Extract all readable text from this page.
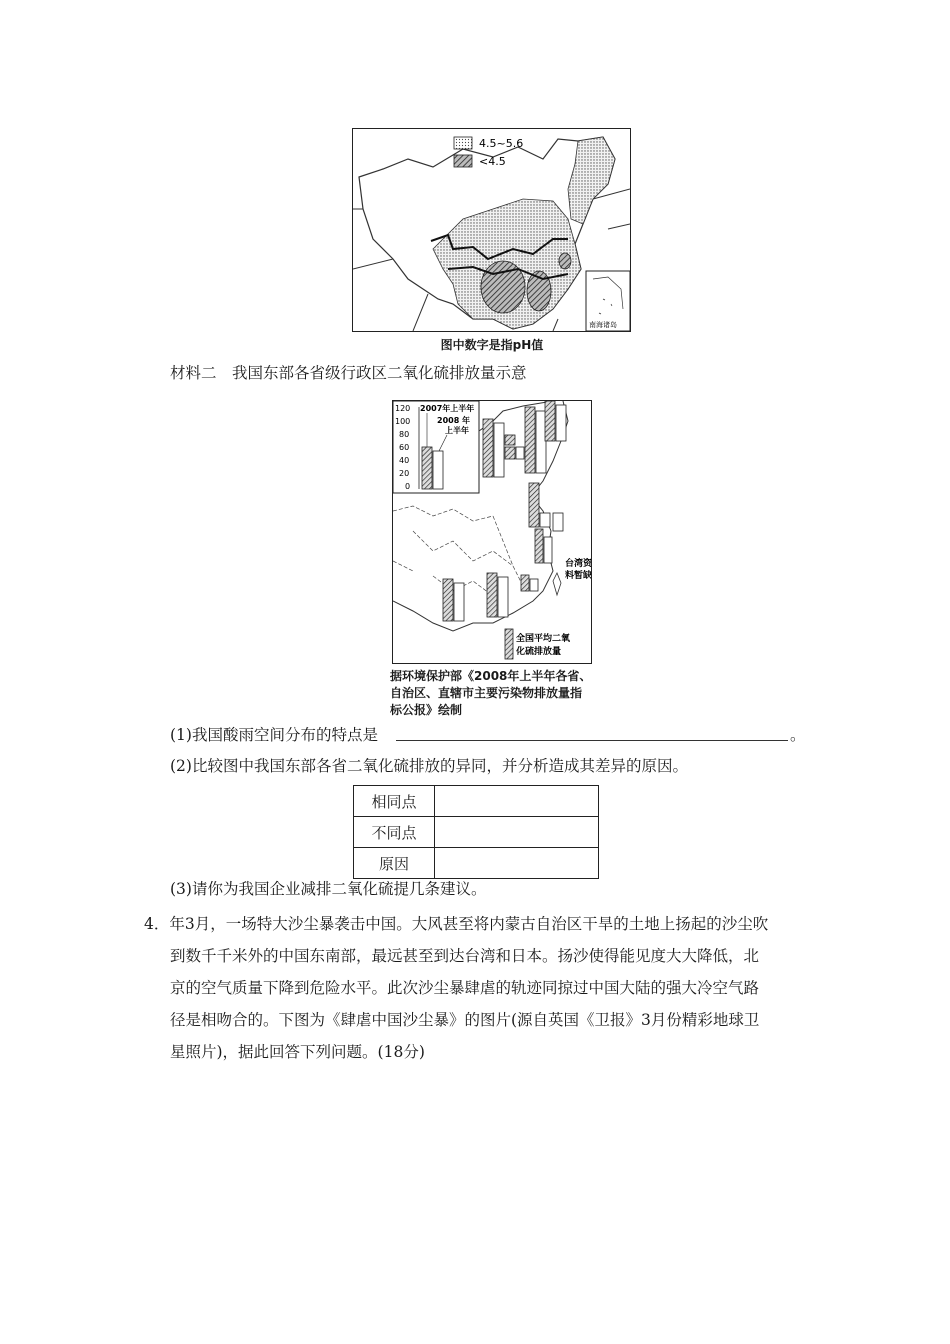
4.5~5.6
<4.5
南海诸岛
图中数字是指pH值
材料二　我国东部各省级行政区二氧化硫排放量示意
120
100
80
60
40
20
0
2007年上半年
2008 年
上半年
台湾资
料暂缺
全国平均二氧
化硫排放量
据环境保护部《2008年上半年各省、
自治区、直辖市主要污染物排放量指
标公报》绘制
(1)我国酸雨空间分布的特点是	。
(2)比较图中我国东部各省二氧化硫排放的异同，并分析造成其差异的原因。
相同点	
不同点	
原因	
(3)请你为我国企业减排二氧化硫提几条建议。
4．年3月，一场特大沙尘暴袭击中国。大风甚至将内蒙古自治区干旱的土地上扬起的沙尘吹
到数千千米外的中国东南部，最远甚至到达台湾和日本。扬沙使得能见度大大降低，北
京的空气质量下降到危险水平。此次沙尘暴肆虐的轨迹同掠过中国大陆的强大冷空气路
径是相吻合的。下图为《肆虐中国沙尘暴》的图片(源自英国《卫报》3月份精彩地球卫
星照片)，据此回答下列问题。(18分)
